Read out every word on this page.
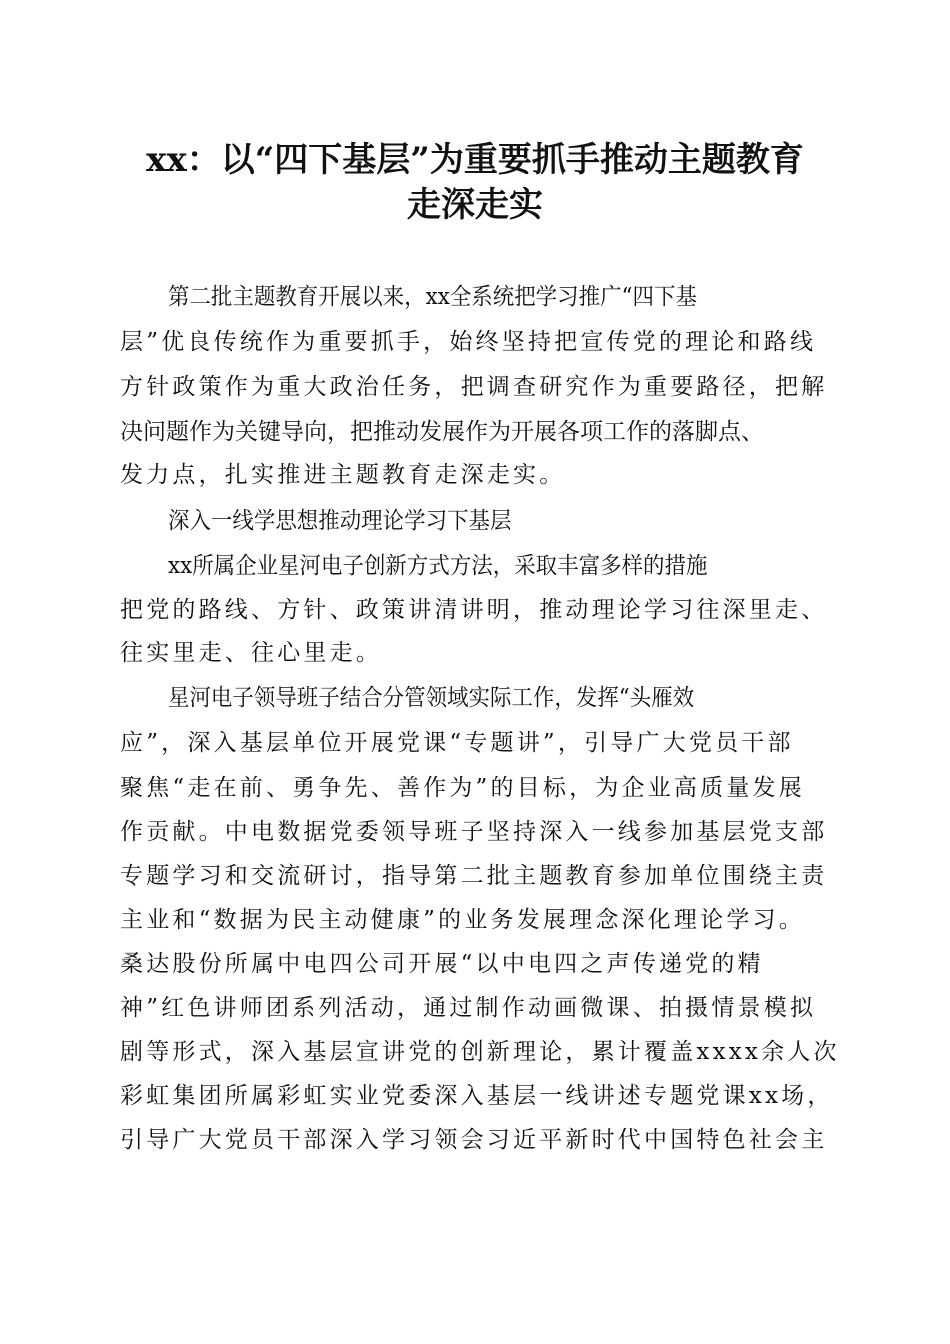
xx：以“四下基层”为重要抓手推动主题教育
走深走实
第二批主题教育开展以来，xx全系统把学习推广“四下基
层”优良传统作为重要抓手，始终坚持把宣传党的理论和路线
方针政策作为重大政治任务，把调查研究作为重要路径，把解
决问题作为关键导向，把推动发展作为开展各项工作的落脚点、
发力点，扎实推进主题教育走深走实。
深入一线学思想推动理论学习下基层
xx所属企业星河电子创新方式方法，采取丰富多样的措施
把党的路线、方针、政策讲清讲明，推动理论学习往深里走、
往实里走、往心里走。
星河电子领导班子结合分管领域实际工作，发挥“头雁效
应”，深入基层单位开展党课“专题讲”，引导广大党员干部
聚焦“走在前、勇争先、善作为”的目标，为企业高质量发展
作贡献。中电数据党委领导班子坚持深入一线参加基层党支部
专题学习和交流研讨，指导第二批主题教育参加单位围绕主责
主业和“数据为民主动健康”的业务发展理念深化理论学习。
桑达股份所属中电四公司开展“以中电四之声传递党的精
神”红色讲师团系列活动，通过制作动画微课、拍摄情景模拟
剧等形式，深入基层宣讲党的创新理论，累计覆盖xxxx余人次
彩虹集团所属彩虹实业党委深入基层一线讲述专题党课xx场，
引导广大党员干部深入学习领会习近平新时代中国特色社会主
